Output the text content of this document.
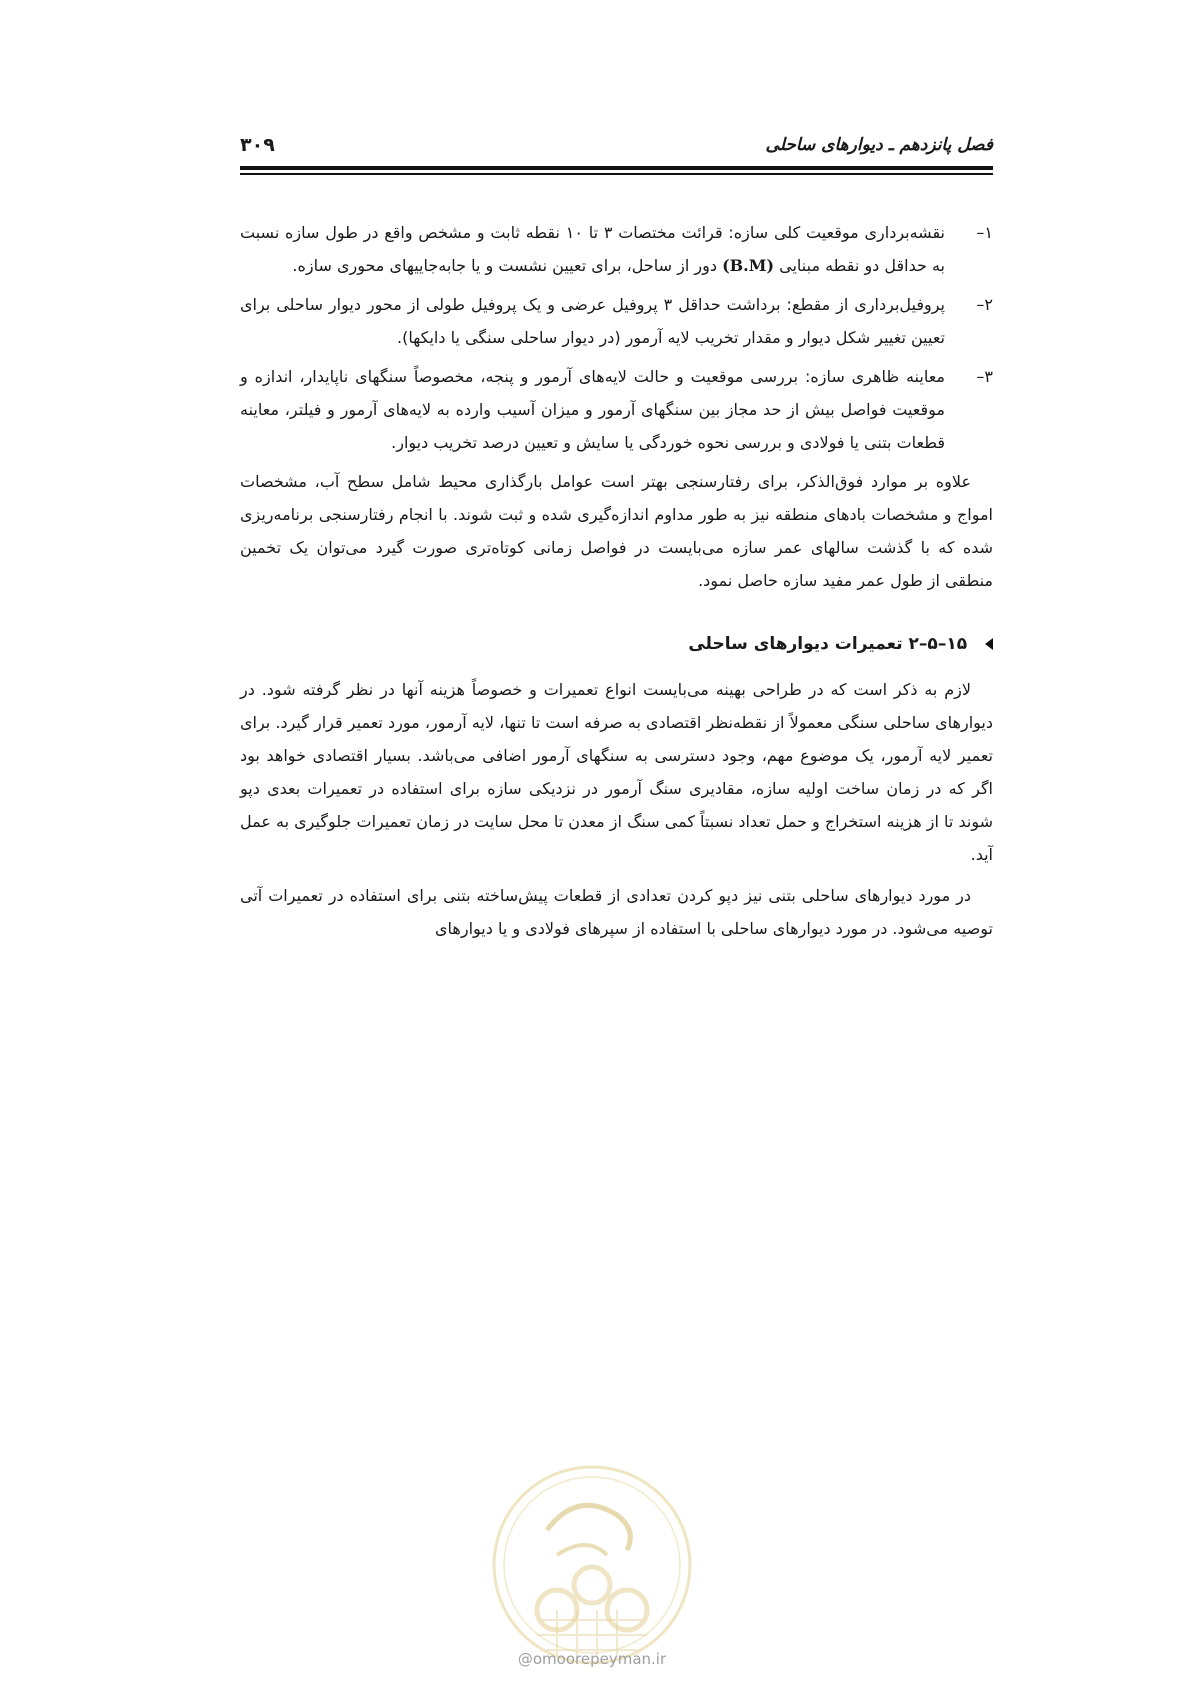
فصل پانزدهم ـ دیوارهای ساحلی
۳۰۹
۱–
نقشه‌برداری موقعیت کلی سازه: قرائت مختصات ۳ تا ۱۰ نقطه ثابت و مشخص واقع در طول سازه نسبت به حداقل دو نقطه مبنایی (B.M) دور از ساحل، برای تعیین نشست و یا جابه‌جاییهای محوری سازه.
۲–
پروفیل‌برداری از مقطع: برداشت حداقل ۳ پروفیل عرضی و یک پروفیل طولی از محور دیوار ساحلی برای تعیین تغییر شکل دیوار و مقدار تخریب لایه آرمور (در دیوار ساحلی سنگی یا دایکها).
۳–
معاینه ظاهری سازه: بررسی موقعیت و حالت لایه‌های آرمور و پنجه، مخصوصاً سنگهای ناپایدار، اندازه و موقعیت فواصل بیش از حد مجاز بین سنگهای آرمور و میزان آسیب وارده به لایه‌های آرمور و فیلتر، معاینه قطعات بتنی یا فولادی و بررسی نحوه خوردگی یا سایش و تعیین درصد تخریب دیوار.

علاوه بر موارد فوق‌الذکر، برای رفتارسنجی بهتر است عوامل بارگذاری محیط شامل سطح آب، مشخصات امواج و مشخصات بادهای منطقه نیز به طور مداوم اندازه‌گیری شده و ثبت شوند. با انجام رفتارسنجی برنامه‌ریزی شده که با گذشت سالهای عمر سازه می‌بایست در فواصل زمانی کوتاه‌تری صورت گیرد می‌توان یک تخمین منطقی از طول عمر مفید سازه حاصل نمود.

۱۵–۵–۲ تعمیرات دیوارهای ساحلی

لازم به ذکر است که در طراحی بهینه می‌بایست انواع تعمیرات و خصوصاً هزینه آنها در نظر گرفته شود. در دیوارهای ساحلی سنگی معمولاً از نقطه‌نظر اقتصادی به صرفه است تا تنها، لایه آرمور، مورد تعمیر قرار گیرد. برای تعمیر لایه آرمور، یک موضوع مهم، وجود دسترسی به سنگهای آرمور اضافی می‌باشد. بسیار اقتصادی خواهد بود اگر که در زمان ساخت اولیه سازه، مقادیری سنگ آرمور در نزدیکی سازه برای استفاده در تعمیرات بعدی دپو شوند تا از هزینه استخراج و حمل تعداد نسبتاً کمی سنگ از معدن تا محل سایت در زمان تعمیرات جلوگیری به عمل آید.

در مورد دیوارهای ساحلی بتنی نیز دپو کردن تعدادی از قطعات پیش‌ساخته بتنی برای استفاده در تعمیرات آتی توصیه می‌شود. در مورد دیوارهای ساحلی با استفاده از سپرهای فولادی و یا دیوارهای

@omoorepeyman.ir
